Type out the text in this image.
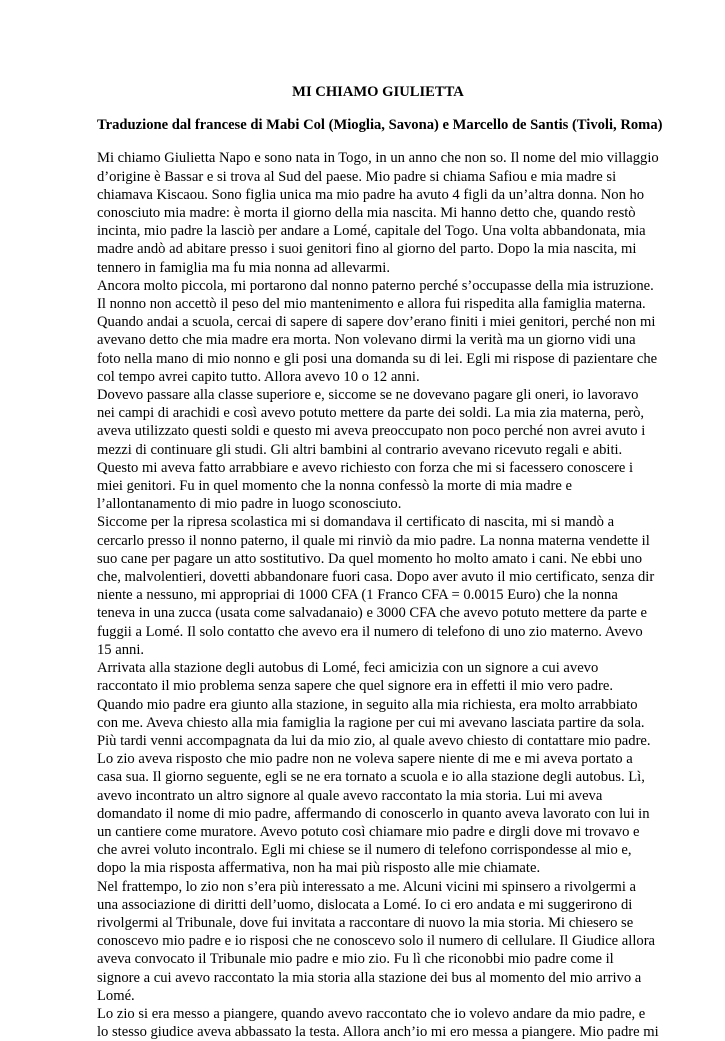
MI CHIAMO GIULIETTA
Traduzione dal francese di Mabi Col (Mioglia, Savona) e Marcello de Santis (Tivoli, Roma)

Mi chiamo Giulietta Napo e sono nata in Togo, in un anno che non so. Il nome del mio villaggio d’origine è Bassar e si trova al Sud del paese. Mio padre si chiama Safiou e mia madre si chiamava Kiscaou. Sono figlia unica ma mio padre ha avuto 4 figli da un’altra donna. Non ho conosciuto mia madre: è morta il giorno della mia nascita. Mi hanno detto che, quando restò incinta, mio padre la lasciò per andare a Lomé, capitale del Togo. Una volta abbandonata, mia madre andò ad abitare presso i suoi genitori fino al giorno del parto. Dopo la mia nascita, mi tennero in famiglia ma fu mia nonna ad allevarmi.

Ancora molto piccola, mi portarono dal nonno paterno perché s’occupasse della mia istruzione. Il nonno non accettò il peso del mio mantenimento e allora fui rispedita alla famiglia materna. Quando andai a scuola, cercai di sapere di sapere dov’erano finiti i miei genitori, perché non mi avevano detto che mia madre era morta. Non volevano dirmi la verità ma un giorno vidi una foto nella mano di mio nonno e gli posi una domanda su di lei. Egli mi rispose di pazientare che col tempo avrei capito tutto. Allora avevo 10 o 12 anni.

Dovevo passare alla classe superiore e, siccome se ne dovevano pagare gli oneri, io lavoravo nei campi di arachidi e così avevo potuto mettere da parte dei soldi. La mia zia materna, però, aveva utilizzato questi soldi e questo mi aveva preoccupato non poco perché non avrei avuto i mezzi di continuare gli studi. Gli altri bambini al contrario avevano ricevuto regali e abiti. Questo mi aveva fatto arrabbiare e avevo richiesto con forza che mi si facessero conoscere i miei genitori. Fu in quel momento che la nonna confessò la morte di mia madre e l’allontanamento di mio padre in luogo sconosciuto.

Siccome per la ripresa scolastica mi si domandava il certificato di nascita, mi si mandò a cercarlo presso il nonno paterno, il quale mi rinviò da mio padre. La nonna materna vendette il suo cane per pagare un atto sostitutivo. Da quel momento ho molto amato i cani. Ne ebbi uno che, malvolentieri, dovetti abbandonare fuori casa. Dopo aver avuto il mio certificato, senza dir niente a nessuno, mi appropriai di 1000 CFA (1 Franco CFA = 0.0015 Euro) che la nonna teneva in una zucca (usata come salvadanaio) e 3000 CFA che avevo potuto mettere da parte e fuggii a Lomé. Il solo contatto che avevo era il numero di telefono di uno zio materno. Avevo 15 anni.

Arrivata alla stazione degli autobus di Lomé, feci amicizia con un signore a cui avevo raccontato il mio problema senza sapere che quel signore era in effetti il mio vero padre. Quando mio padre era giunto alla stazione, in seguito alla mia richiesta, era molto arrabbiato con me. Aveva chiesto alla mia famiglia la ragione per cui mi avevano lasciata partire da sola. Più tardi venni accompagnata da lui da mio zio, al quale avevo chiesto di contattare mio padre. Lo zio aveva risposto che mio padre non ne voleva sapere niente di me e mi aveva portato a casa sua. Il giorno seguente, egli se ne era tornato a scuola e io alla stazione degli autobus. Lì, avevo incontrato un altro signore al quale avevo raccontato la mia storia. Lui mi aveva domandato il nome di mio padre, affermando di conoscerlo in quanto aveva lavorato con lui in un cantiere come muratore. Avevo potuto così chiamare mio padre e dirgli dove mi trovavo e che avrei voluto incontralo. Egli mi chiese se il numero di telefono corrispondesse al mio e, dopo la mia risposta affermativa, non ha mai più risposto alle mie chiamate.

Nel frattempo, lo zio non s’era più interessato a me. Alcuni vicini mi spinsero a rivolgermi a una associazione di diritti dell’uomo, dislocata a Lomé. Io ci ero andata e mi suggerirono di rivolgermi al Tribunale, dove fui invitata a raccontare di nuovo la mia storia. Mi chiesero se conoscevo mio padre e io risposi che ne conoscevo solo il numero di cellulare. Il Giudice allora aveva convocato il Tribunale mio padre e mio zio. Fu lì che riconobbi mio padre come il signore a cui avevo raccontato la mia storia alla stazione dei bus al momento del mio arrivo a Lomé.

Lo zio si era messo a piangere, quando avevo raccontato che io volevo andare da mio padre, e lo stesso giudice aveva abbassato la testa. Allora anch’io mi ero messa a piangere. Mio padre mi
